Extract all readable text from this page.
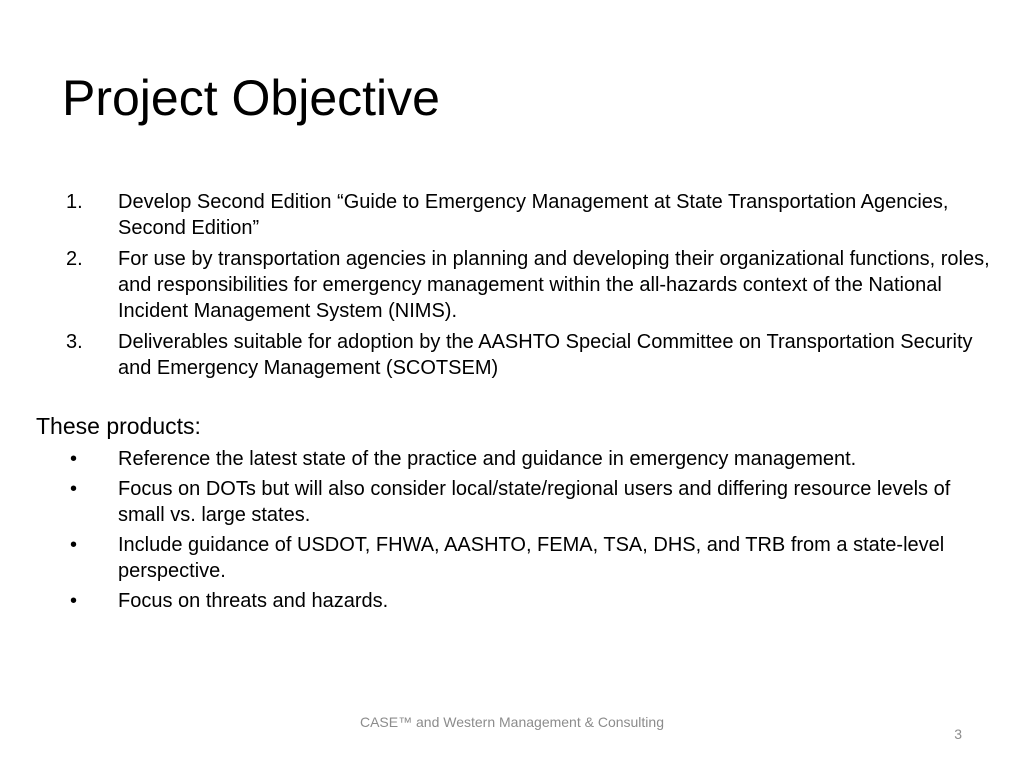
Project Objective
1. Develop Second Edition “Guide to Emergency Management at State Transportation Agencies, Second Edition”
2. For use by transportation agencies in planning and developing their organizational functions, roles, and responsibilities for emergency management within the all-hazards context of the National Incident Management System (NIMS).
3. Deliverables suitable for adoption by the AASHTO Special Committee on Transportation Security and Emergency Management (SCOTSEM)

These products:

• Reference the latest state of the practice and guidance in emergency management.
• Focus on DOTs but will also consider local/state/regional users and differing resource levels of small vs. large states.
• Include guidance of USDOT, FHWA, AASHTO, FEMA, TSA, DHS, and TRB from a state-level perspective.
• Focus on threats and hazards.
CASE™ and Western Management & Consulting
3
